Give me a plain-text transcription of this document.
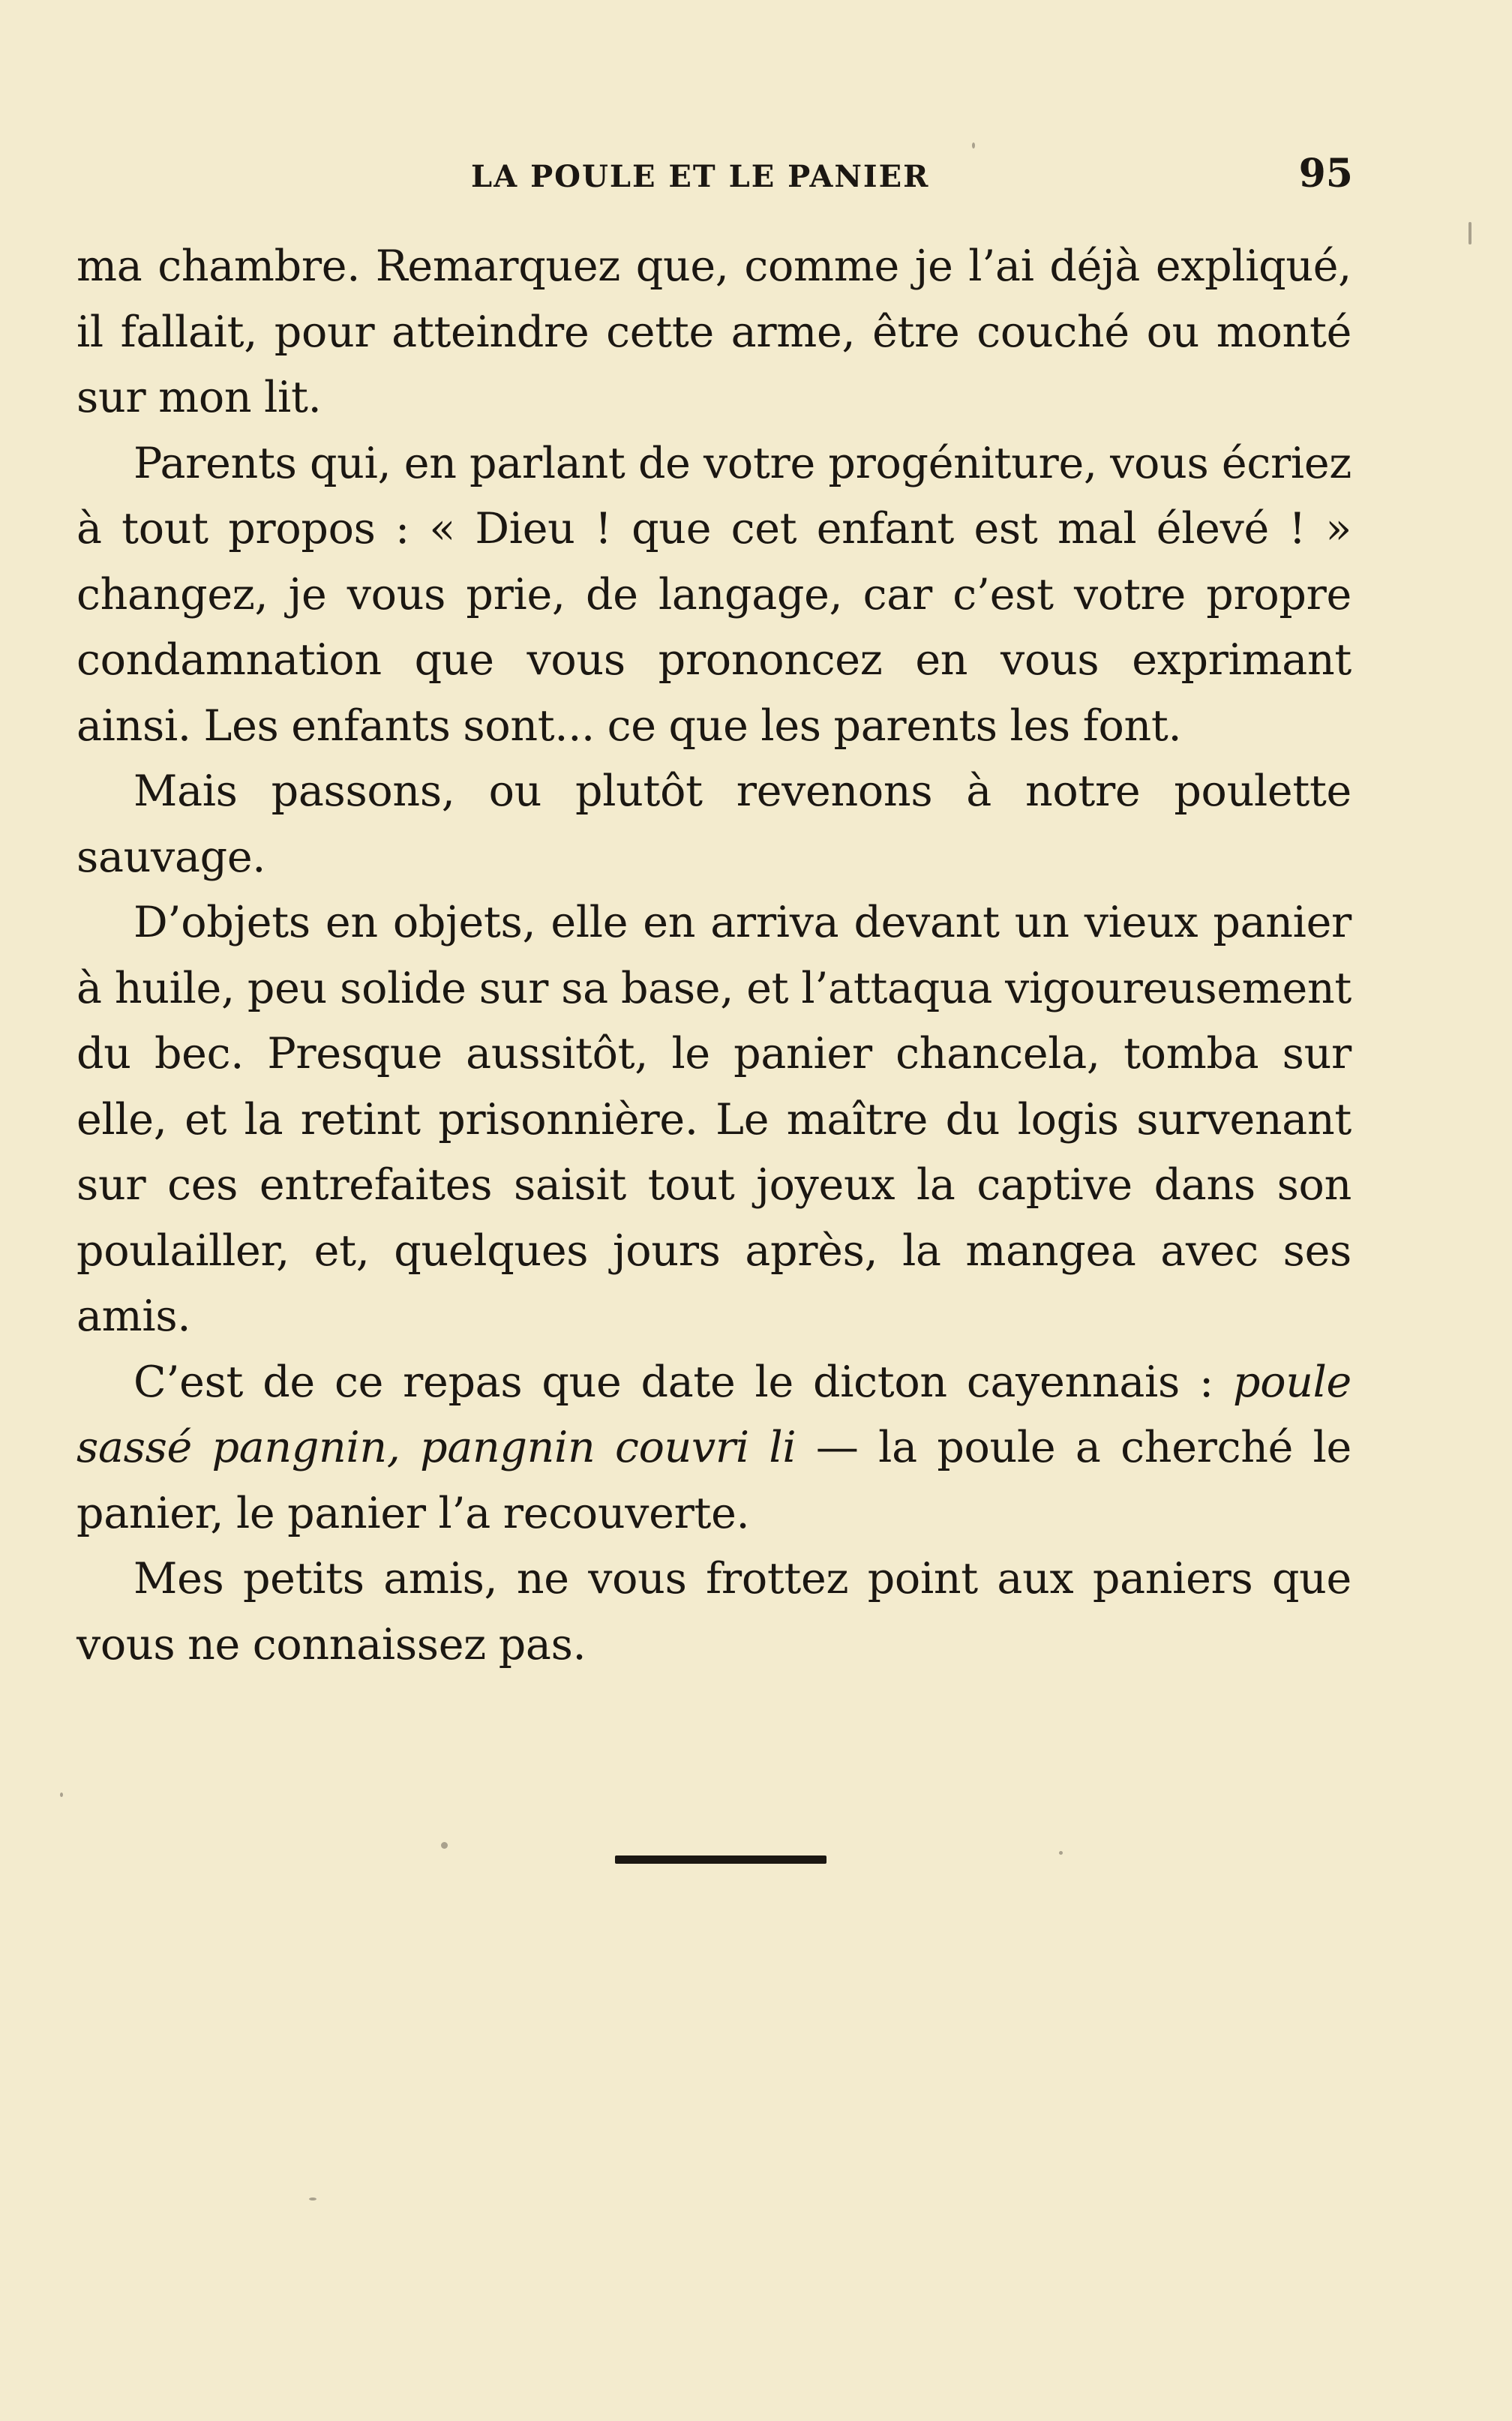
LA POULE ET LE PANIER	95

ma chambre. Remarquez que, comme je l’ai déjà expliqué, il fallait, pour atteindre cette arme, être couché ou monté sur mon lit.

Parents qui, en parlant de votre progéniture, vous écriez à tout propos : « Dieu ! que cet enfant est mal élevé ! » changez, je vous prie, de langage, car c’est votre propre condamnation que vous prononcez en vous exprimant ainsi. Les enfants sont... ce que les parents les font.

Mais passons, ou plutôt revenons à notre poulette sauvage.

D’objets en objets, elle en arriva devant un vieux panier à huile, peu solide sur sa base, et l’attaqua vigoureusement du bec. Presque aussitôt, le panier chancela, tomba sur elle, et la retint prisonnière. Le maître du logis survenant sur ces entrefaites saisit tout joyeux la captive dans son poulailler, et, quelques jours après, la mangea avec ses amis.

C’est de ce repas que date le dicton cayennais : poule sassé pangnin, pangnin couvri li — la poule a cherché le panier, le panier l’a recouverte.

Mes petits amis, ne vous frottez point aux paniers que vous ne connaissez pas.
